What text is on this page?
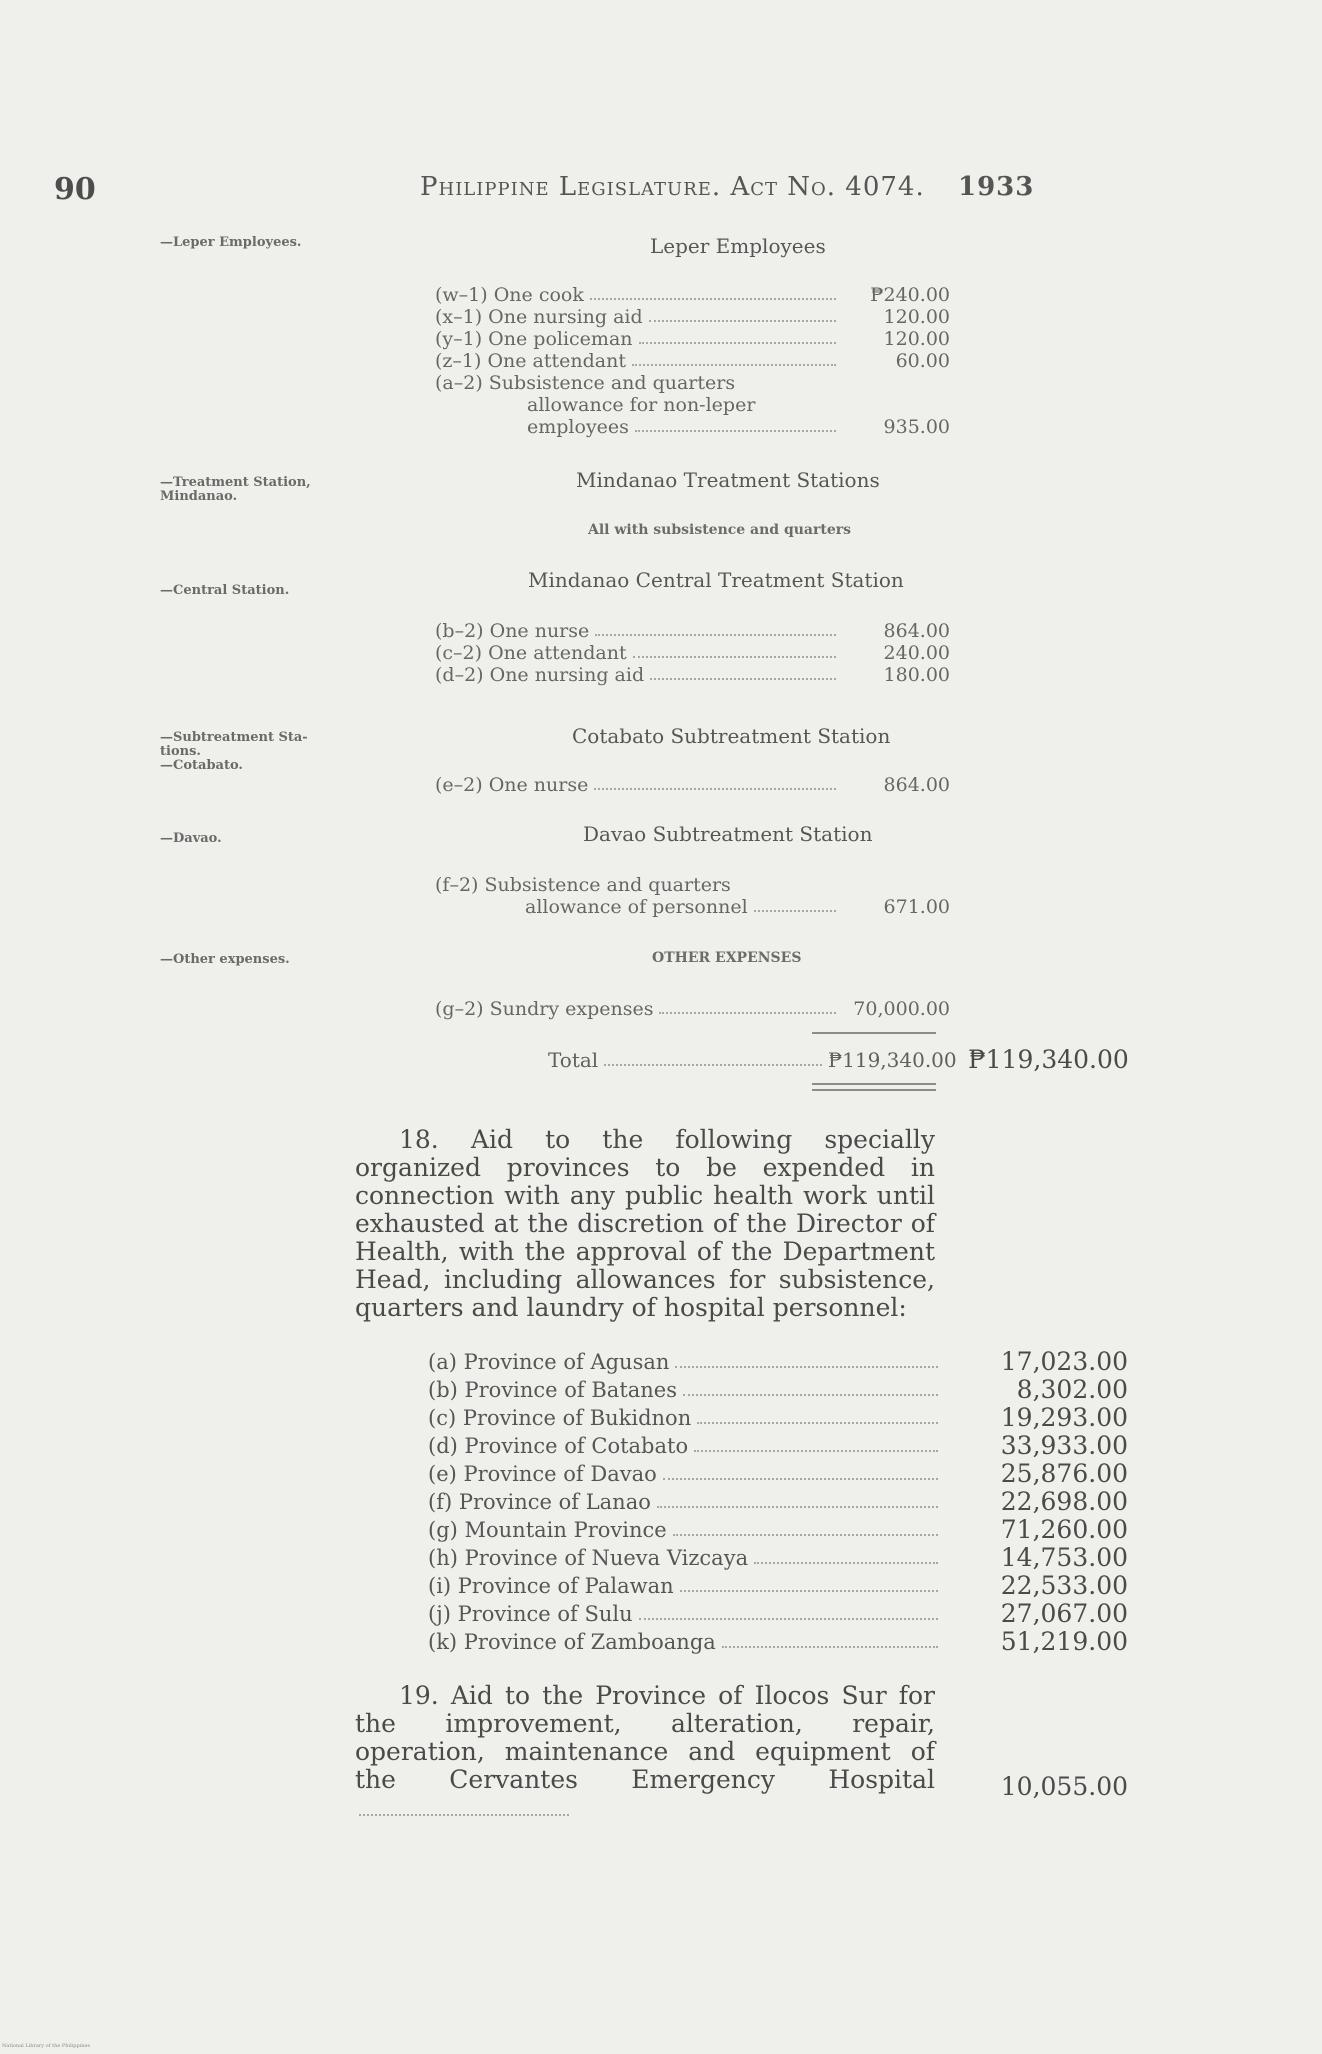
90	Philippine Legislature. Act No. 4074. 1933
—Leper Employees.
—Treatment Station,
Mindanao.
—Central Station.
—Subtreatment Sta-
tions.
—Cotabato.
—Davao.
—Other expenses.
Leper Employees
(w–1) One cook	₱240.00
(x–1) One nursing aid	120.00
(y–1) One policeman	120.00
(z–1) One attendant	60.00
(a–2) Subsistence and quarters
allowance for non-leper
employees	935.00
Mindanao Treatment Stations
All with subsistence and quarters
Mindanao Central Treatment Station
(b–2) One nurse	864.00
(c–2) One attendant	240.00
(d–2) One nursing aid	180.00
Cotabato Subtreatment Station
(e–2) One nurse	864.00
Davao Subtreatment Station
(f–2) Subsistence and quarters
allowance of personnel	671.00
OTHER EXPENSES
(g–2) Sundry expenses	70,000.00
Total	₱119,340.00 ₱119,340.00
18. Aid to the following specially organized provinces to be expended in connection with any public health work until exhausted at the discretion of the Director of Health, with the approval of the Department Head, including allowances for subsistence, quarters and laundry of hospital personnel:
(a) Province of Agusan	17,023.00
(b) Province of Batanes	8,302.00
(c) Province of Bukidnon	19,293.00
(d) Province of Cotabato	33,933.00
(e) Province of Davao	25,876.00
(f) Province of Lanao	22,698.00
(g) Mountain Province	71,260.00
(h) Province of Nueva Vizcaya	14,753.00
(i) Province of Palawan	22,533.00
(j) Province of Sulu	27,067.00
(k) Province of Zamboanga	51,219.00
19. Aid to the Province of Ilocos Sur for the improvement, alteration, repair, operation, maintenance and equipment of the Cervantes Emergency Hospital	10,055.00
National Library of the Philippines
